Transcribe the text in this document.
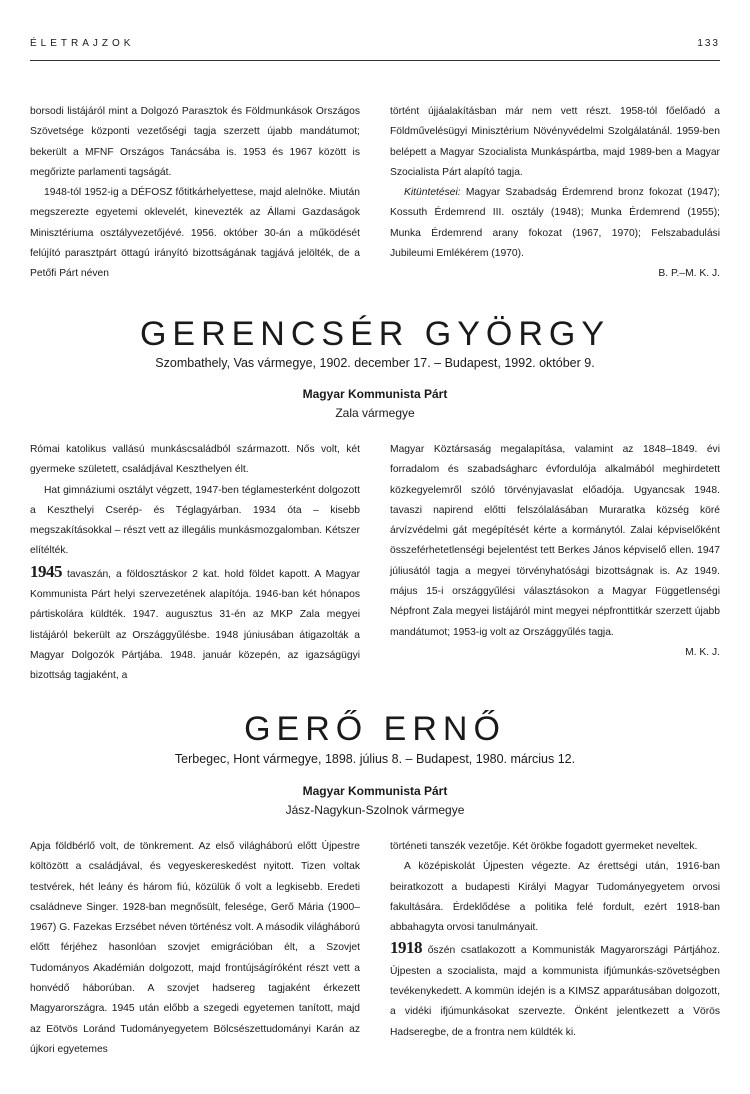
ÉLETRAJZOK	133

borsodi listájáról mint a Dolgozó Parasztok és Földmunkások Országos Szövetsége központi vezetőségi tagja szerzett újabb mandátumot; bekerült a MFNF Országos Tanácsába is. 1953 és 1967 között is megőrizte parlamenti tagságát.

1948-tól 1952-ig a DÉFOSZ főtitkárhelyettese, majd alelnöke. Miután megszerezte egyetemi oklevelét, kinevezték az Állami Gazdaságok Minisztériuma osztályvezetőjévé. 1956. október 30-án a működését felújító parasztpárt öttagú irányító bizottságának tagjává jelölték, de a Petőfi Párt néven

történt újjáalakításban már nem vett részt. 1958-tól főelőadó a Földművelésügyi Minisztérium Növényvédelmi Szolgálatánál. 1959-ben belépett a Magyar Szocialista Munkáspártba, majd 1989-ben a Magyar Szocialista Párt alapító tagja.

Kitüntetései: Magyar Szabadság Érdemrend bronz fokozat (1947); Kossuth Érdemrend III. osztály (1948); Munka Érdemrend (1955); Munka Érdemrend arany fokozat (1967, 1970); Felszabadulási Jubileumi Emlékérem (1970).

B. P.–M. K. J.

GERENCSÉR GYÖRGY
Szombathely, Vas vármegye, 1902. december 17. – Budapest, 1992. október 9.
Magyar Kommunista Párt
Zala vármegye

Római katolikus vallású munkáscsaládból származott. Nős volt, két gyermeke született, családjával Keszthelyen élt.

Hat gimnáziumi osztályt végzett, 1947-ben téglamesterként dolgozott a Keszthelyi Cserép- és Téglagyárban. 1934 óta – kisebb megszakításokkal – részt vett az illegális munkásmozgalomban. Kétszer elítélték.

1945 tavaszán, a földosztáskor 2 kat. hold földet kapott. A Magyar Kommunista Párt helyi szervezetének alapítója. 1946-ban két hónapos pártiskolára küldték. 1947. augusztus 31-én az MKP Zala megyei listájáról bekerült az Országgyűlésbe. 1948 júniusában átigazolták a Magyar Dolgozók Pártjába. 1948. január közepén, az igazságügyi bizottság tagjaként, a

Magyar Köztársaság megalapítása, valamint az 1848–1849. évi forradalom és szabadságharc évfordulója alkalmából meghirdetett közkegyelemről szóló törvényjavaslat előadója. Ugyancsak 1948. tavaszi napirend előtti felszólalásában Muraratka község köré árvízvédelmi gát megépítését kérte a kormánytól. Zalai képviselőként összeférhetetlenségi bejelentést tett Berkes János képviselő ellen. 1947 júliusától tagja a megyei törvényhatósági bizottságnak is. Az 1949. május 15-i országgyűlési választásokon a Magyar Függetlenségi Népfront Zala megyei listájáról mint megyei népfronttitkár szerzett újabb mandátumot; 1953-ig volt az Országgyűlés tagja.

M. K. J.

GERŐ ERNŐ
Terbegec, Hont vármegye, 1898. július 8. – Budapest, 1980. március 12.
Magyar Kommunista Párt
Jász-Nagykun-Szolnok vármegye

Apja földbérlő volt, de tönkrement. Az első világháború előtt Újpestre költözött a családjával, és vegyeskereskedést nyitott. Tizen voltak testvérek, hét leány és három fiú, közülük ő volt a legkisebb. Eredeti családneve Singer. 1928-ban megnősült, felesége, Gerő Mária (1900–1967) G. Fazekas Erzsébet néven történész volt. A második világháború előtt férjéhez hasonlóan szovjet emigrációban élt, a Szovjet Tudományos Akadémián dolgozott, majd frontújságíróként részt vett a honvédő háborúban. A szovjet hadsereg tagjaként érkezett Magyarországra. 1945 után előbb a szegedi egyetemen tanított, majd az Eötvös Loránd Tudományegyetem Bölcsészettudományi Karán az újkori egyetemes

történeti tanszék vezetője. Két örökbe fogadott gyermeket neveltek.

A középiskolát Újpesten végezte. Az érettségi után, 1916-ban beiratkozott a budapesti Királyi Magyar Tudományegyetem orvosi fakultására. Érdeklődése a politika felé fordult, ezért 1918-ban abbahagyta orvosi tanulmányait.

1918 őszén csatlakozott a Kommunisták Magyarországi Pártjához. Újpesten a szocialista, majd a kommunista ifjúmunkás-szövetségben tevékenykedett. A kommün idején is a KIMSZ apparátusában dolgozott, a vidéki ifjúmunkásokat szervezte. Önként jelentkezett a Vörös Hadseregbe, de a frontra nem küldték ki.
